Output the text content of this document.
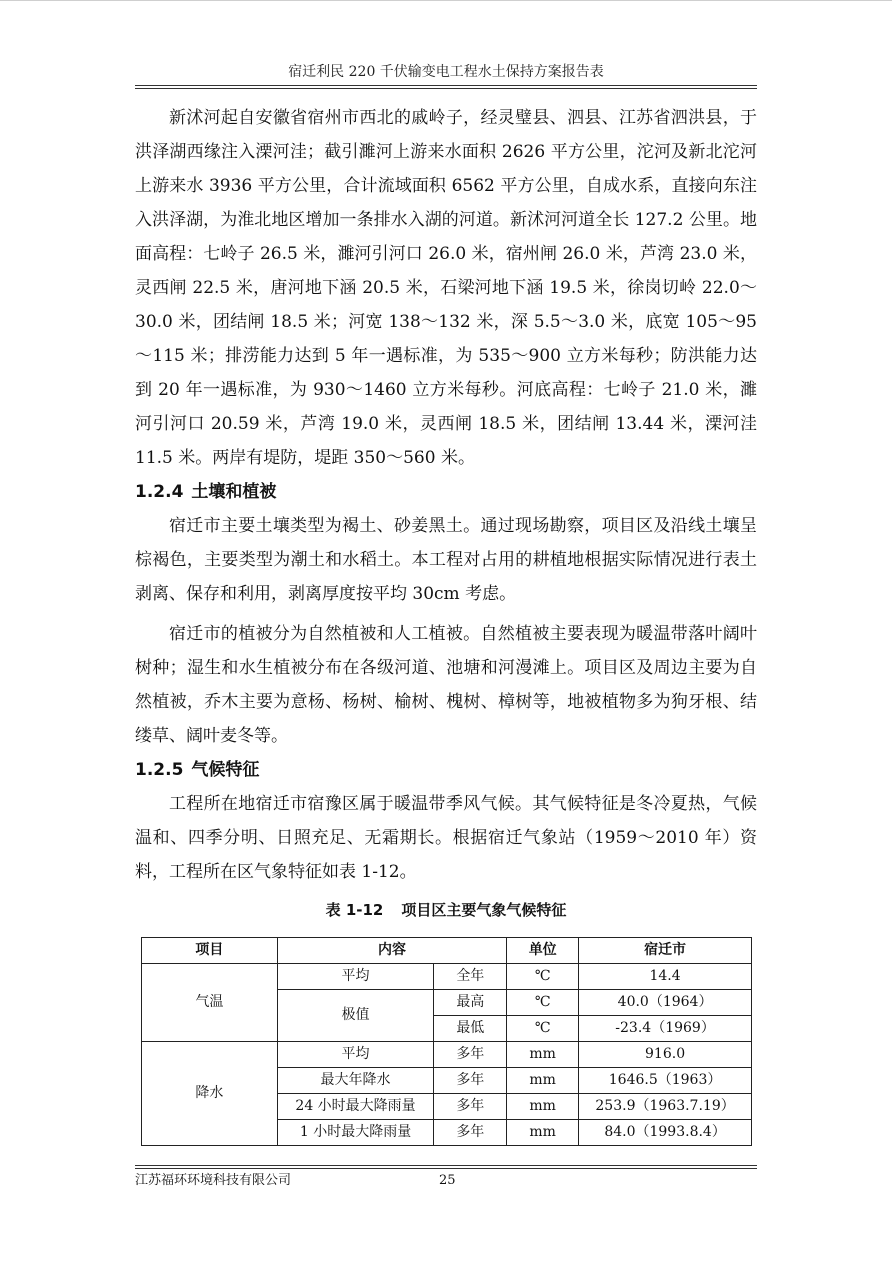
宿迁利民 220 千伏输变电工程水土保持方案报告表

新沭河起自安徽省宿州市西北的戚岭子，经灵璧县、泗县、江苏省泗洪县，于洪泽湖西缘注入溧河洼；截引濉河上游来水面积 2626 平方公里，沱河及新北沱河上游来水 3936 平方公里，合计流域面积 6562 平方公里，自成水系，直接向东注入洪泽湖，为淮北地区增加一条排水入湖的河道。新沭河河道全长 127.2 公里。地面高程：七岭子 26.5 米，濉河引河口 26.0 米，宿州闸 26.0 米，芦湾 23.0 米，灵西闸 22.5 米，唐河地下涵 20.5 米，石梁河地下涵 19.5 米，徐岗切岭 22.0～30.0 米，团结闸 18.5 米；河宽 138～132 米，深 5.5～3.0 米，底宽 105～95～115 米；排涝能力达到 5 年一遇标准，为 535～900 立方米每秒；防洪能力达到 20 年一遇标准，为 930～1460 立方米每秒。河底高程：七岭子 21.0 米，濉河引河口 20.59 米，芦湾 19.0 米，灵西闸 18.5 米，团结闸 13.44 米，溧河洼 11.5 米。两岸有堤防，堤距 350～560 米。

1.2.4 土壤和植被

宿迁市主要土壤类型为褐土、砂姜黑土。通过现场勘察，项目区及沿线土壤呈棕褐色，主要类型为潮土和水稻土。本工程对占用的耕植地根据实际情况进行表土剥离、保存和利用，剥离厚度按平均 30cm 考虑。

宿迁市的植被分为自然植被和人工植被。自然植被主要表现为暖温带落叶阔叶树种；湿生和水生植被分布在各级河道、池塘和河漫滩上。项目区及周边主要为自然植被，乔木主要为意杨、杨树、榆树、槐树、樟树等，地被植物多为狗牙根、结缕草、阔叶麦冬等。

1.2.5 气候特征

工程所在地宿迁市宿豫区属于暖温带季风气候。其气候特征是冬冷夏热，气候温和、四季分明、日照充足、无霜期长。根据宿迁气象站（1959～2010 年）资料，工程所在区气象特征如表 1-12。

表 1-12 项目区主要气象气候特征

项目	内容		单位	宿迁市
气温	平均	全年	℃	14.4
	极值	最高	℃	40.0（1964）
		最低	℃	-23.4（1969）
降水	平均	多年	mm	916.0
	最大年降水	多年	mm	1646.5（1963）
	24 小时最大降雨量	多年	mm	253.9（1963.7.19）
	1 小时最大降雨量	多年	mm	84.0（1993.8.4）
江苏福环环境科技有限公司	25
